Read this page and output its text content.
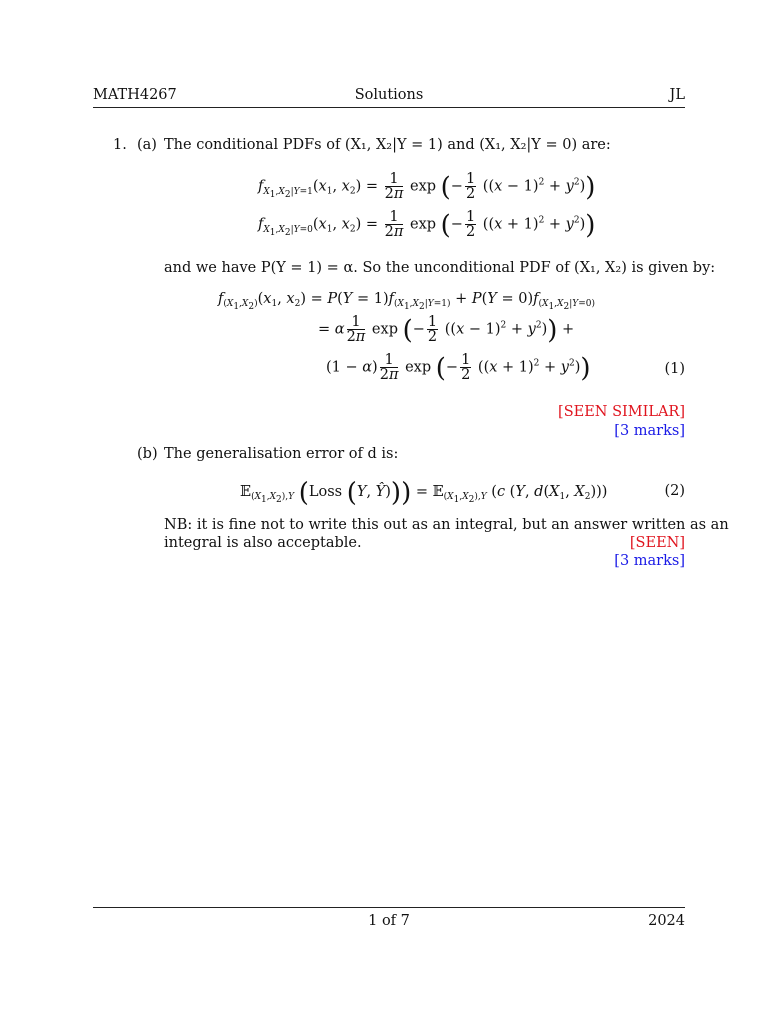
MATH4267	Solutions	JL
1. (a) The conditional PDFs of (X₁, X₂|Y = 1) and (X₁, X₂|Y = 0) are:
$f_{X_1,X_2|Y=1}(x_1$, $x_2) = \frac{1}{2\pi}$ exp (− $\frac{1}{2} ((x - 1)^2 + y^2)$)
$f_{X_1,X_2|Y=0}(x_1$, $x_2) = \frac{1}{2\pi}$ exp (− $\frac{1}{2} ((x + 1)^2 + y^2)$)
and we have P(Y = 1) = α. So the unconditional PDF of (X₁, X₂) is given by:
$f_{(X_1,X_2)}(x_1$, $x_2) = P(Y = 1)f_{(X_1,X_2|Y=1)} + P(Y = 0)f_{(X_1,X_2|Y=0)}$
= α $\frac{1}{2\pi}$ exp (− $\frac{1}{2} ((x - 1)^2 + y^2)$) +
$(1 - \alpha) \frac{1}{2\pi}$ exp (− $\frac{1}{2} ((x + 1)^2 + y^2)$)	(1)
[SEEN SIMILAR]
[3 marks]
(b) The generalisation error of d is:
𝔼$_{(X_1,X_2),Y}$ (Loss (Y, Ŷ))) = 𝔼$_{(X_1,X_2),Y}$ (c (Y, $d(X_1$, $X_2$)))	(2)
NB: it is fine not to write this out as an integral, but an answer written as an
integral is also acceptable.	[SEEN]
[3 marks]
1 of 7	2024
